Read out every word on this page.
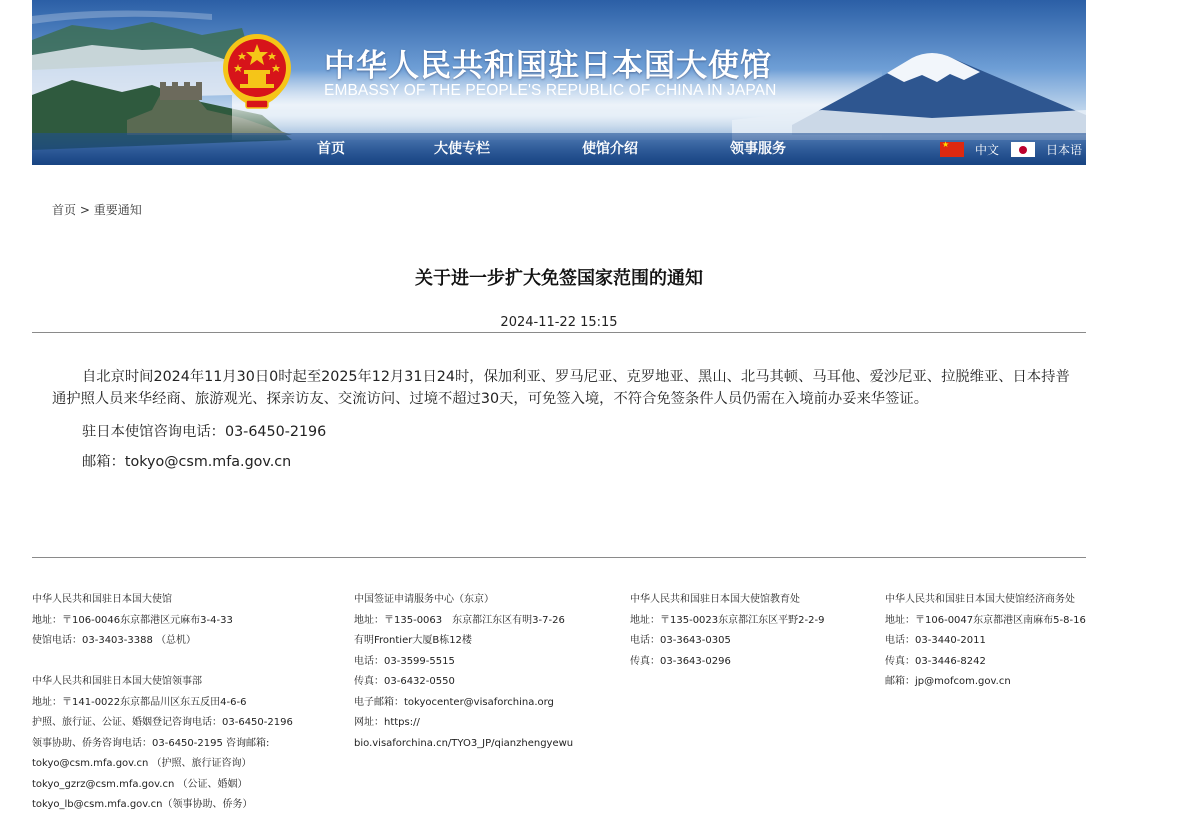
中华人民共和国驻日本国大使馆
EMBASSY OF THE PEOPLE'S REPUBLIC OF CHINA IN JAPAN
首页	大使专栏	使馆介绍	领事服务
★	中文	日本语
首页 > 重要通知
关于进一步扩大免签国家范围的通知
2024-11-22 15:15

自北京时间2024年11月30日0时起至2025年12月31日24时，保加利亚、罗马尼亚、克罗地亚、黑山、北马其顿、马耳他、爱沙尼亚、拉脱维亚、日本持普通护照人员来华经商、旅游观光、探亲访友、交流访问、过境不超过30天，可免签入境，不符合免签条件人员仍需在入境前办妥来华签证。

驻日本使馆咨询电话：03-6450-2196

邮箱：tokyo@csm.mfa.gov.cn

中华人民共和国驻日本国大使馆
地址：〒106-0046东京都港区元麻布3-4-33
使馆电话：03-3403-3388 （总机）
中华人民共和国驻日本国大使馆领事部
地址：〒141-0022东京都品川区东五反田4-6-6
护照、旅行证、公证、婚姻登记咨询电话：03-6450-2196
领事协助、侨务咨询电话：03-6450-2195 咨询邮箱:
tokyo@csm.mfa.gov.cn （护照、旅行证咨询）
tokyo_gzrz@csm.mfa.gov.cn （公证、婚姻）
tokyo_lb@csm.mfa.gov.cn（领事协助、侨务）
中国签证申请服务中心（东京）
地址：〒135-0063　东京都江东区有明3-7-26
有明Frontier大厦B栋12楼
电话：03-3599-5515
传真：03-6432-0550
电子邮箱：tokyocenter@visaforchina.org
网址：https://
bio.visaforchina.cn/TYO3_JP/qianzhengyewu
中华人民共和国驻日本国大使馆教育处
地址：〒135-0023东京都江东区平野2-2-9
电话：03-3643-0305
传真：03-3643-0296
中华人民共和国驻日本国大使馆经济商务处
地址：〒106-0047东京都港区南麻布5-8-16
电话：03-3440-2011
传真：03-3446-8242
邮箱：jp@mofcom.gov.cn
